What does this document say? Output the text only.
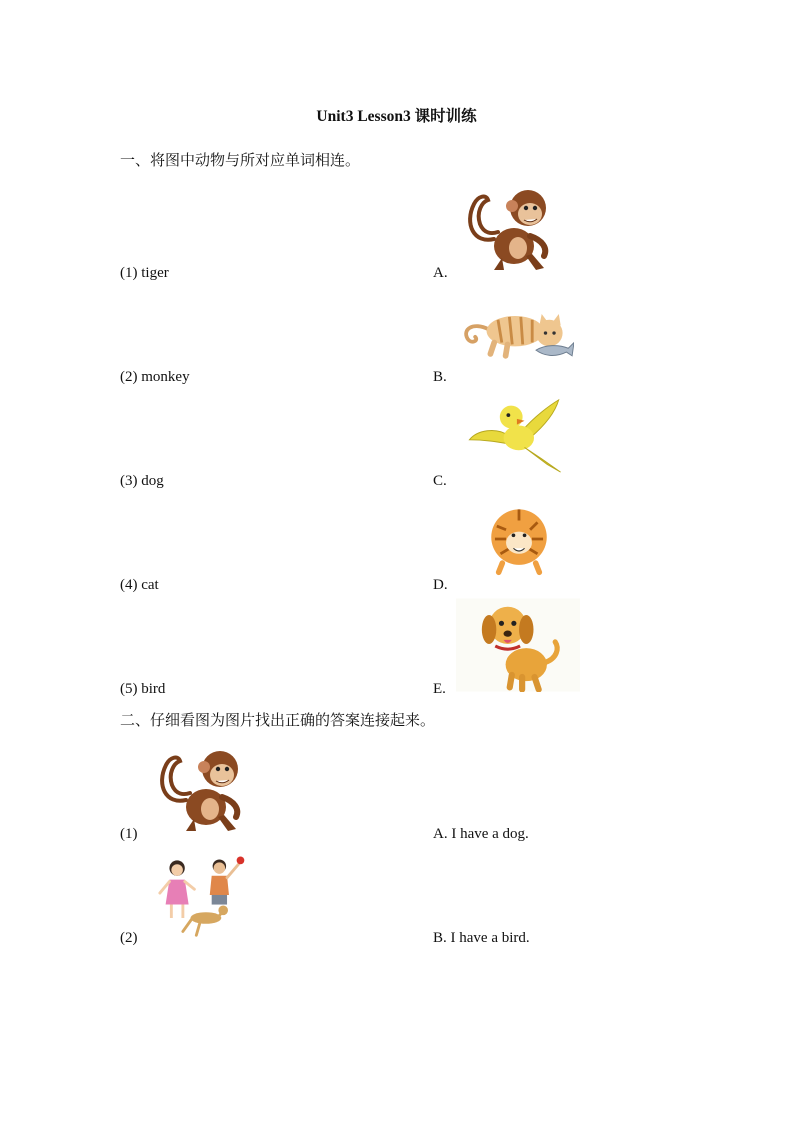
Unit3 Lesson3 课时训练
一、将图中动物与所对应单词相连。
(1) tiger
(2) monkey
(3) dog
(4) cat
(5) bird
A.
B.
C.
D.
E.
二、仔细看图为图片找出正确的答案连接起来。
(1)
(2)
A. I have a dog.
B. I have a bird.
